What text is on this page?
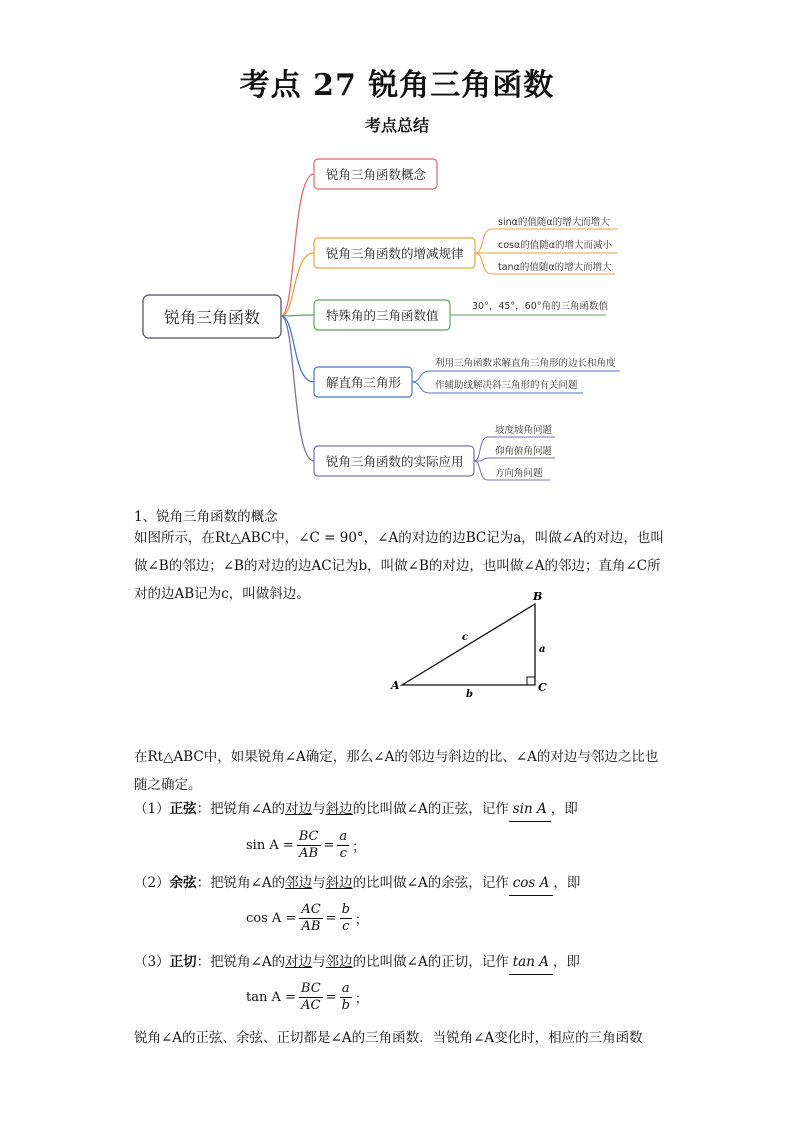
考点 27 锐角三角函数
考点总结
锐角三角函数
锐角三角函数概念
锐角三角函数的增减规律
sinα的值随α的增大而增大
cosα的值随α的增大而减小
tanα的值随α的增大而增大
特殊角的三角函数值
30°，45°，60°角的三角函数值
解直角三角形
利用三角函数求解直角三角形的边长和角度
作辅助线解决斜三角形的有关问题
锐角三角函数的实际应用
坡度坡角问题
仰角俯角问题
方向角问题
1、锐角三角函数的概念
如图所示，在Rt△ABC中，∠C = 90°，∠A的对边的边BC记为a，叫做∠A的对边，也叫做∠B的邻边；∠B的对边的边AC记为b，叫做∠B的对边，也叫做∠A的邻边；直角∠C所对的边AB记为c，叫做斜边。
A
B
C
c
a
b
在Rt△ABC中，如果锐角∠A确定，那么∠A的邻边与斜边的比、∠A的对边与邻边之比也随之确定。
（1）正弦：把锐角∠A的对边与斜边的比叫做∠A的正弦，记作 sin A ，即
$\sin A = \frac{BC}{AB} = \frac{a}{c}$ ；
（2）余弦：把锐角∠A的邻边与斜边的比叫做∠A的余弦，记作 cos A ，即
$\cos A = \frac{AC}{AB} = \frac{b}{c}$ ；
（3）正切：把锐角∠A的对边与邻边的比叫做∠A的正切，记作 tan A ，即
$\tan A = \frac{BC}{AC} = \frac{a}{b}$ ；
锐角∠A的正弦、余弦、正切都是∠A的三角函数．当锐角∠A变化时，相应的三角函数
